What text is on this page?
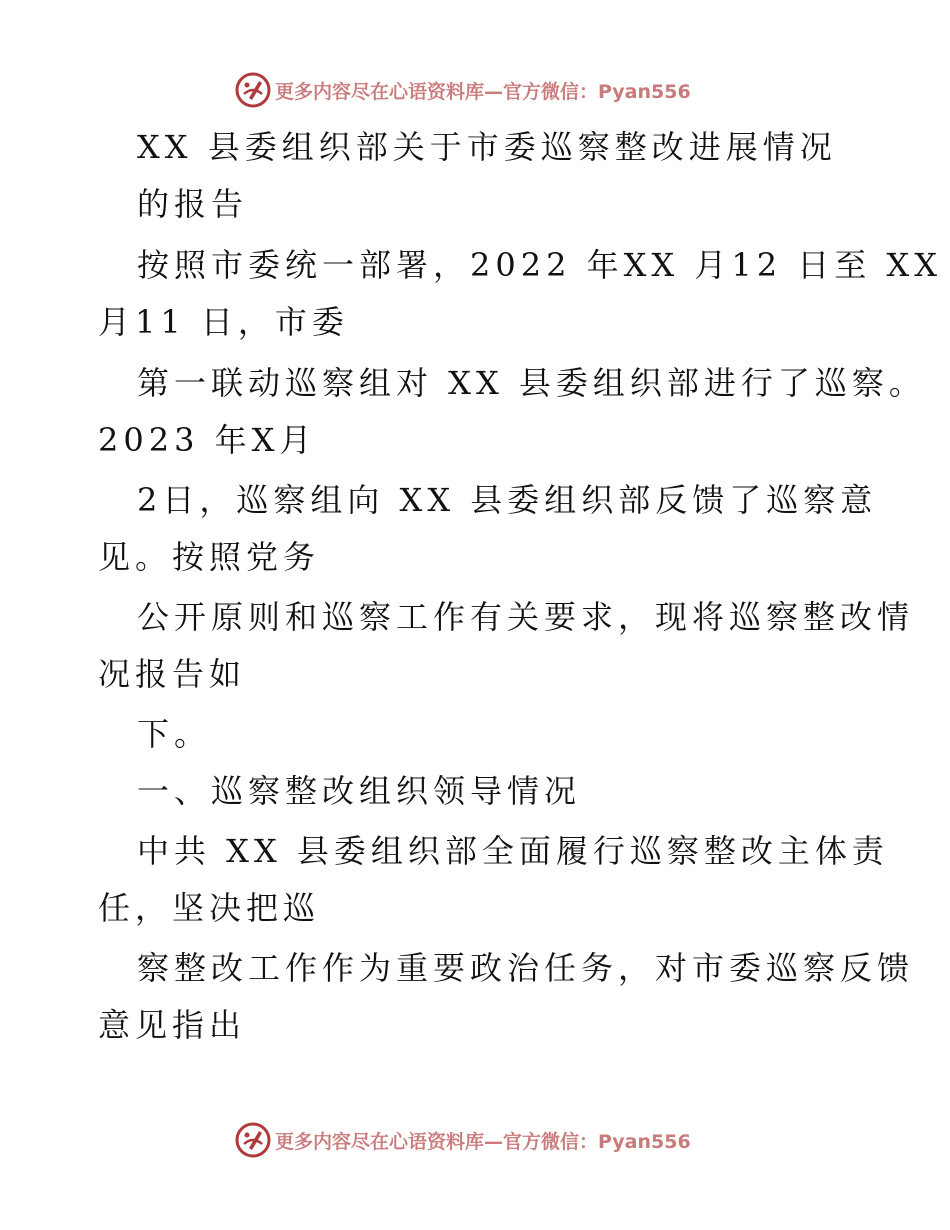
更多内容尽在心语资料库—官方微信：Pyan556
XX 县委组织部关于市委巡察整改进展情况
的报告
按照市委统一部署，2022 年XX 月12 日至 XX
月11 日，市委
第一联动巡察组对 XX 县委组织部进行了巡察。
2023 年X月
2日，巡察组向 XX 县委组织部反馈了巡察意
见。按照党务
公开原则和巡察工作有关要求，现将巡察整改情
况报告如
下。
一、巡察整改组织领导情况
中共 XX 县委组织部全面履行巡察整改主体责
任，坚决把巡
察整改工作作为重要政治任务，对市委巡察反馈
意见指出
更多内容尽在心语资料库—官方微信：Pyan556
